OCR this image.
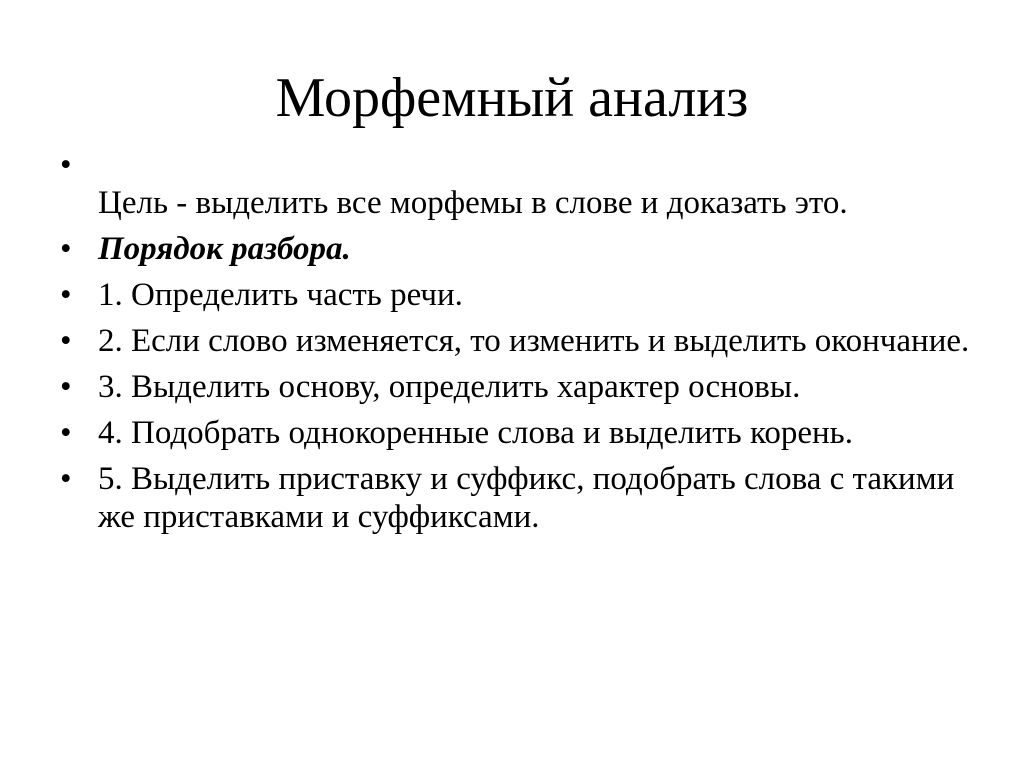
Морфемный анализ
•
Цель - выделить все морфемы в слове и доказать это.
• Порядок разбора.
• 1. Определить часть речи.
• 2. Если слово изменяется, то изменить и выделить окончание.
• 3. Выделить основу, определить характер основы.
• 4. Подобрать однокоренные слова и выделить корень.
• 5. Выделить приставку и суффикс, подобрать слова с такими же приставками и суффиксами.
